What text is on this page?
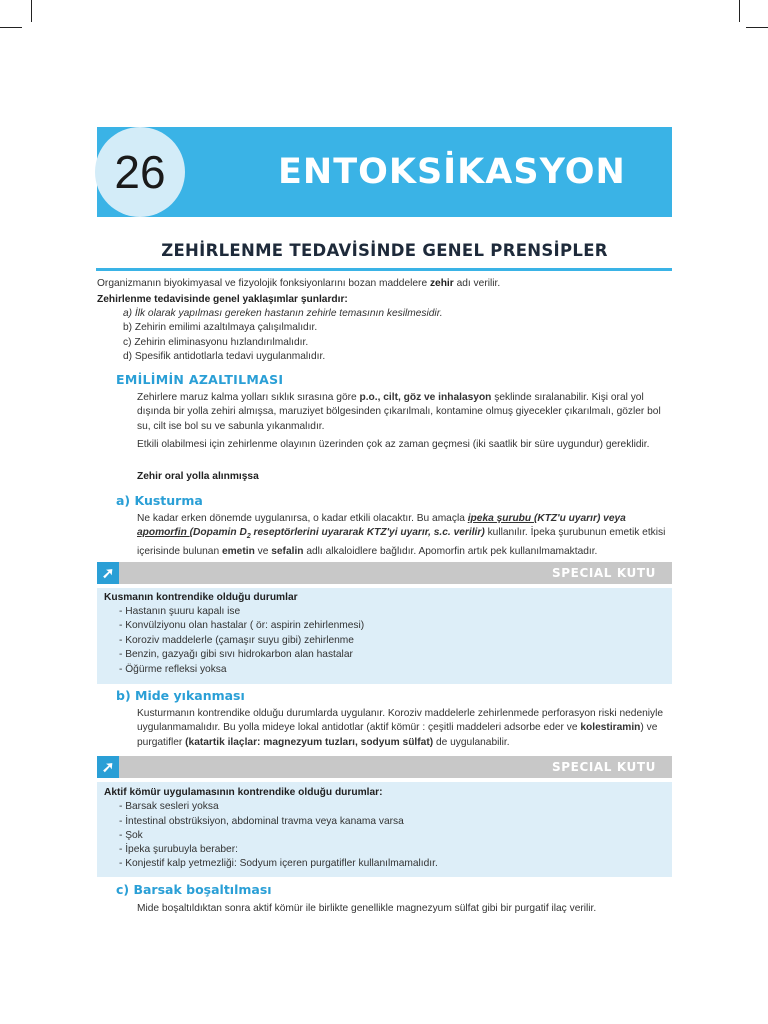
26	ENTOKSİKASYON
ZEHİRLENME TEDAVİSİNDE GENEL PRENSİPLER
Organizmanın biyokimyasal ve fizyolojik fonksiyonlarını bozan maddelere zehir adı verilir.
Zehirlenme tedavisinde genel yaklaşımlar şunlardır:
a) İlk olarak yapılması gereken hastanın zehirle temasının kesilmesidir.
b) Zehirin emilimi azaltılmaya çalışılmalıdır.
c) Zehirin eliminasyonu hızlandırılmalıdır.
d) Spesifik antidotlarla tedavi uygulanmalıdır.
EMİLİMİN AZALTILMASI
Zehirlere maruz kalma yolları sıklık sırasına göre p.o., cilt, göz ve inhalasyon şeklinde sıralanabilir. Kişi oral yol dışında bir yolla zehiri almışsa, maruziyet bölgesinden çıkarılmalı, kontamine olmuş giyecekler çıkarılmalı, gözler bol su, cilt ise bol su ve sabunla yıkanmalıdır.
Etkili olabilmesi için zehirlenme olayının üzerinden çok az zaman geçmesi (iki saatlik bir süre uygundur) gereklidir.
Zehir oral yolla alınmışsa
a) Kusturma
Ne kadar erken dönemde uygulanırsa, o kadar etkili olacaktır. Bu amaçla ipeka şurubu (KTZ'u uyarır) veya apomorfin (Dopamin $D_2$ reseptörlerini uyararak KTZ'yi uyarır, s.c. verilir) kullanılır. İpeka şurubunun emetik etkisi içerisinde bulunan emetin ve sefalin adlı alkaloidlere bağlıdır. Apomorfin artık pek kullanılmamaktadır.
➚	SPECIAL KUTU
Kusmanın kontrendike olduğu durumlar
- Hastanın şuuru kapalı ise
- Konvülziyonu olan hastalar ( ör: aspirin zehirlenmesi)
- Koroziv maddelerle (çamaşır suyu gibi) zehirlenme
- Benzin, gazyağı gibi sıvı hidrokarbon alan hastalar
- Öğürme refleksi yoksa
b) Mide yıkanması
Kusturmanın kontrendike olduğu durumlarda uygulanır. Koroziv maddelerle zehirlenmede perforasyon riski nedeniyle uygulanmamalıdır. Bu yolla mideye lokal antidotlar (aktif kömür : çeşitli maddeleri adsorbe eder ve kolestiramin) ve purgatifler (katartik ilaçlar: magnezyum tuzları, sodyum sülfat) de uygulanabilir.
➚	SPECIAL KUTU
Aktif kömür uygulamasının kontrendike olduğu durumlar:
- Barsak sesleri yoksa
- İntestinal obstrüksiyon, abdominal travma veya kanama varsa
- Şok
- İpeka şurubuyla beraber:
- Konjestif kalp yetmezliği: Sodyum içeren purgatifler kullanılmamalıdır.
c) Barsak boşaltılması
Mide boşaltıldıktan sonra aktif kömür ile birlikte genellikle magnezyum sülfat gibi bir purgatif ilaç verilir.
